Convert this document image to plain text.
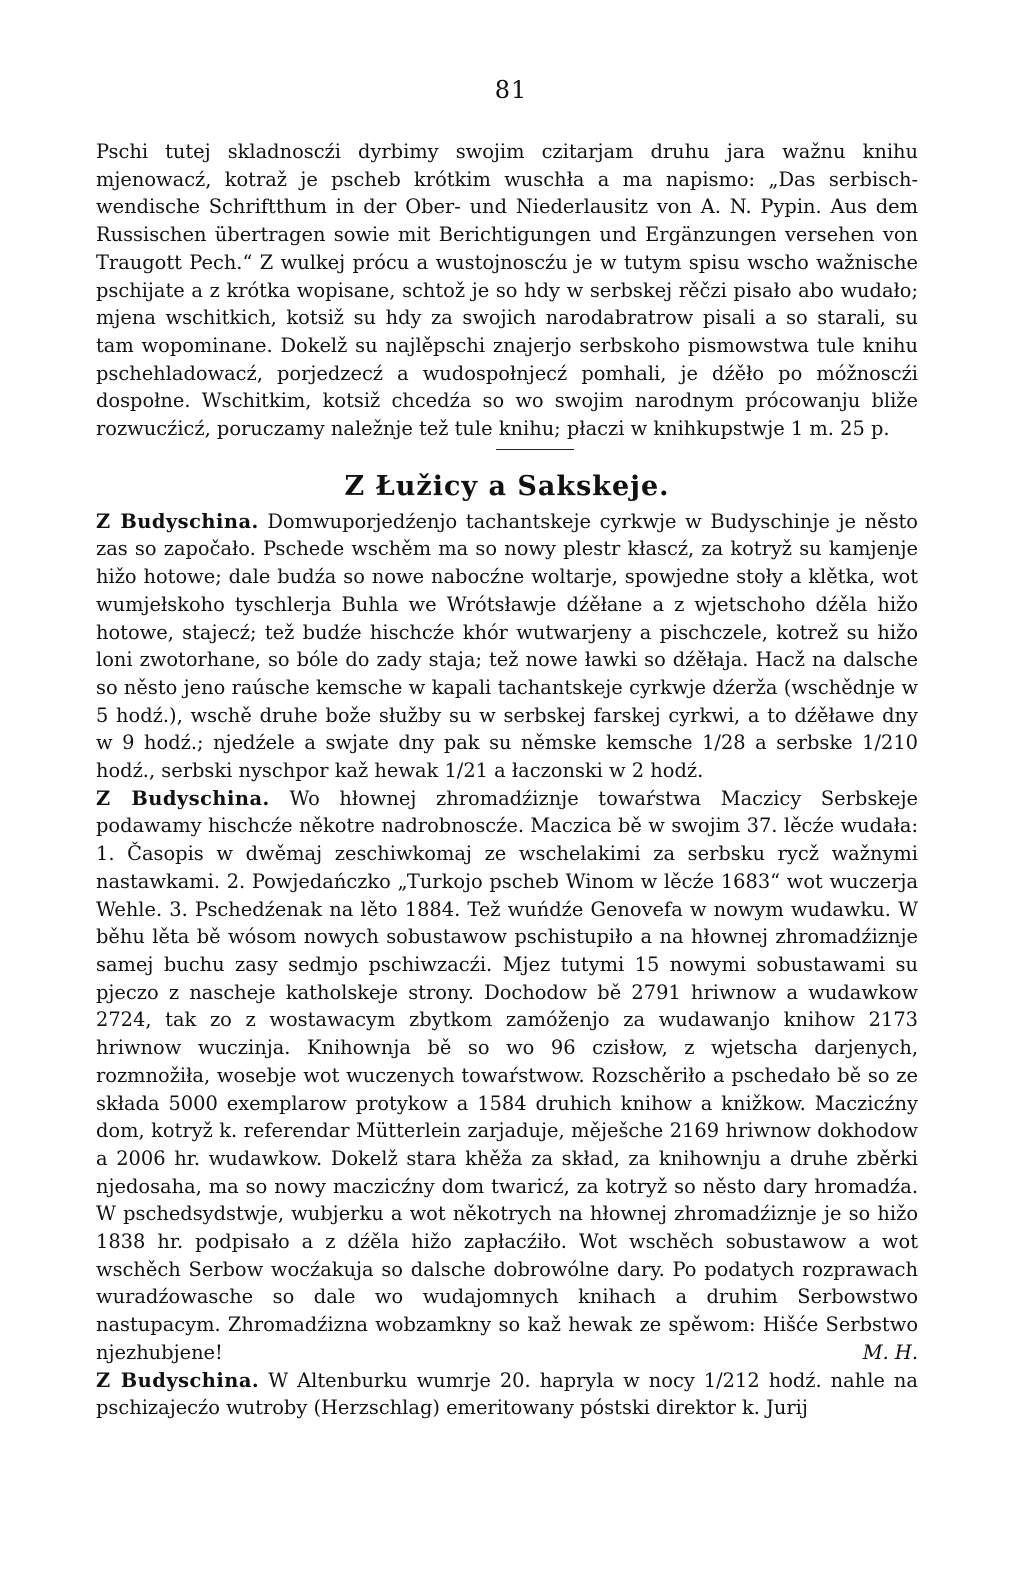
81

Pschi tutej skladnoscźi dyrbimy swojim czitarjam druhu jara wažnu knihu mjenowacź, kotraž je pscheb krótkim wuschła a ma napismo: „Das serbisch-wendische Schriftthum in der Ober- und Niederlausitz von A. N. Pypin. Aus dem Russischen übertragen sowie mit Berichtigungen und Ergänzungen versehen von Traugott Pech.“ Z wulkej prócu a wustojnoscźu je w tutym spisu wscho wažnische pschijate a z krótka wopisane, schtož je so hdy w serbskej rěčzi pisało abo wudało; mjena wschitkich, kotsiž su hdy za swojich narodabratrow pisali a so starali, su tam wopominane. Dokelž su najlěpschi znajerjo serbskoho pismowstwa tule knihu pschehladowacź, porjedzecź a wudospołnjecź pomhali, je dźěło po móžnoscźi dospołne. Wschitkim, kotsiž chcedźa so wo swojim narodnym prócowanju bliže rozwucźicź, poruczamy naležnje tež tule knihu; płaczi w knihkupstwje 1 m. 25 p.

Z Łužicy a Sakskeje.

Z Budyschina. Domwuporjedźenjo tachantskeje cyrkwje w Budyschinje je něsto zas so započało. Pschede wschěm ma so nowy plestr kłascź, za kotryž su kamjenje hižo hotowe; dale budźa so nowe nabocźne woltarje, spowjedne stoły a klětka, wot wumjełskoho tyschlerja Buhla we Wrótsławje dźěłane a z wjetschoho dźěla hižo hotowe, stajecź; tež budźe hischcźe khór wutwarjeny a pischczele, kotrež su hižo loni zwotorhane, so bóle do zady staja; tež nowe ławki so dźěłaja. Hacž na dalsche so něsto jeno raúsche kemsche w kapali tachantskeje cyrkwje dźerža (wschědnje w 5 hodź.), wschě druhe bože słužby su w serbskej farskej cyrkwi, a to dźěławe dny w 9 hodź.; njedźele a swjate dny pak su němske kemsche 1/28 a serbske 1/210 hodź., serbski nyschpor kaž hewak 1/21 a łaczonski w 2 hodź.

Z Budyschina. Wo hłownej zhromadźiznje towaŕstwa Maczicy Serbskeje podawamy hischcźe někotre nadrobnoscźe. Maczica bě w swojim 37. lěcźe wudała: 1. Časopis w dwěmaj zeschiwkomaj ze wschelakimi za serbsku rycž wažnymi nastawkami. 2. Powjedańczko „Turkojo pscheb Winom w lěcźe 1683“ wot wuczerja Wehle. 3. Pschedźenak na lěto 1884. Tež wuńdźe Genovefa w nowym wudawku. W běhu lěta bě wósom nowych sobustawow pschistupiło a na hłownej zhromadźiznje samej buchu zasy sedmjo pschiwzacźi. Mjez tutymi 15 nowymi sobustawami su pjeczo z nascheje katholskeje strony. Dochodow bě 2791 hriwnow a wudawkow 2724, tak zo z wostawacym zbytkom zamóženjo za wudawanjo knihow 2173 hriwnow wuczinja. Knihownja bě so wo 96 czisłow, z wjetscha darjenych, rozmnožiła, wosebje wot wuczenych towaŕstwow. Rozschěriło a pschedało bě so ze składa 5000 exemplarow protykow a 1584 druhich knihow a knižkow. Maczicźny dom, kotryž k. referendar Mütterlein zarjaduje, měješche 2169 hriwnow dokhodow a 2006 hr. wudawkow. Dokelž stara khěža za skład, za knihownju a druhe zběrki njedosaha, ma so nowy maczicźny dom twaricź, za kotryž so něsto dary hromadźa. W pschedsydstwje, wubjerku a wot někotrych na hłownej zhromadźiznje je so hižo 1838 hr. podpisało a z dźěla hižo zapłacźiło. Wot wschěch sobustawow a wot wschěch Serbow wocźakuja so dalsche dobrowólne dary. Po podatych rozprawach wuradźowasche so dale wo wudajomnych knihach a druhim Serbowstwo nastupacym. Zhromadźizna wobzamkny so kaž hewak ze spěwom: Hišće Serbstwo njezhubjene!	M. H.

Z Budyschina. W Altenburku wumrje 20. hapryla w nocy 1/212 hodź. nahle na pschizajecźo wutroby (Herzschlag) emeritowany póstski direktor k. Jurij
